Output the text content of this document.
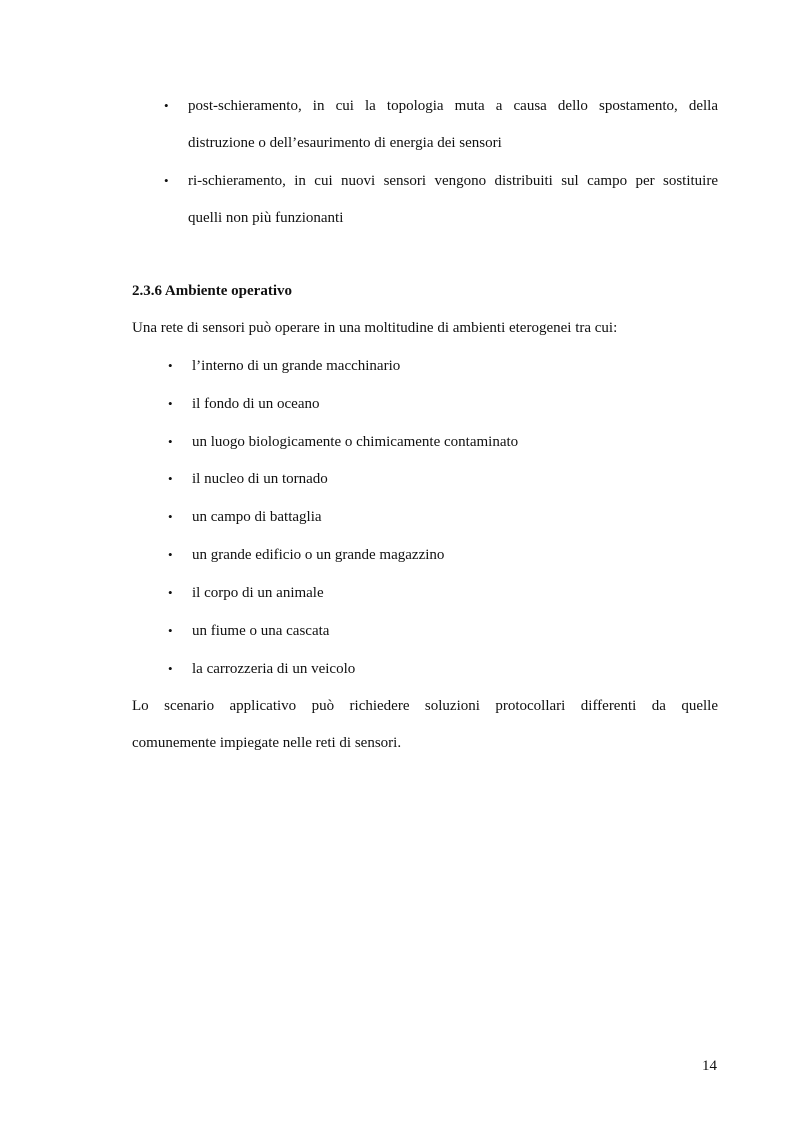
• post-schieramento, in cui la topologia muta a causa dello spostamento, della
distruzione o dell’esaurimento di energia dei sensori
• ri-schieramento, in cui nuovi sensori vengono distribuiti sul campo per sostituire
quelli non più funzionanti
2.3.6 Ambiente operativo
Una rete di sensori può operare in una moltitudine di ambienti eterogenei tra cui:
• l’interno di un grande macchinario
• il fondo di un oceano
• un luogo biologicamente o chimicamente contaminato
• il nucleo di un tornado
• un campo di battaglia
• un grande edificio o un grande magazzino
• il corpo di un animale
• un fiume o una cascata
• la carrozzeria di un veicolo
Lo scenario applicativo può richiedere soluzioni protocollari differenti da quelle
comunemente impiegate nelle reti di sensori.
14
